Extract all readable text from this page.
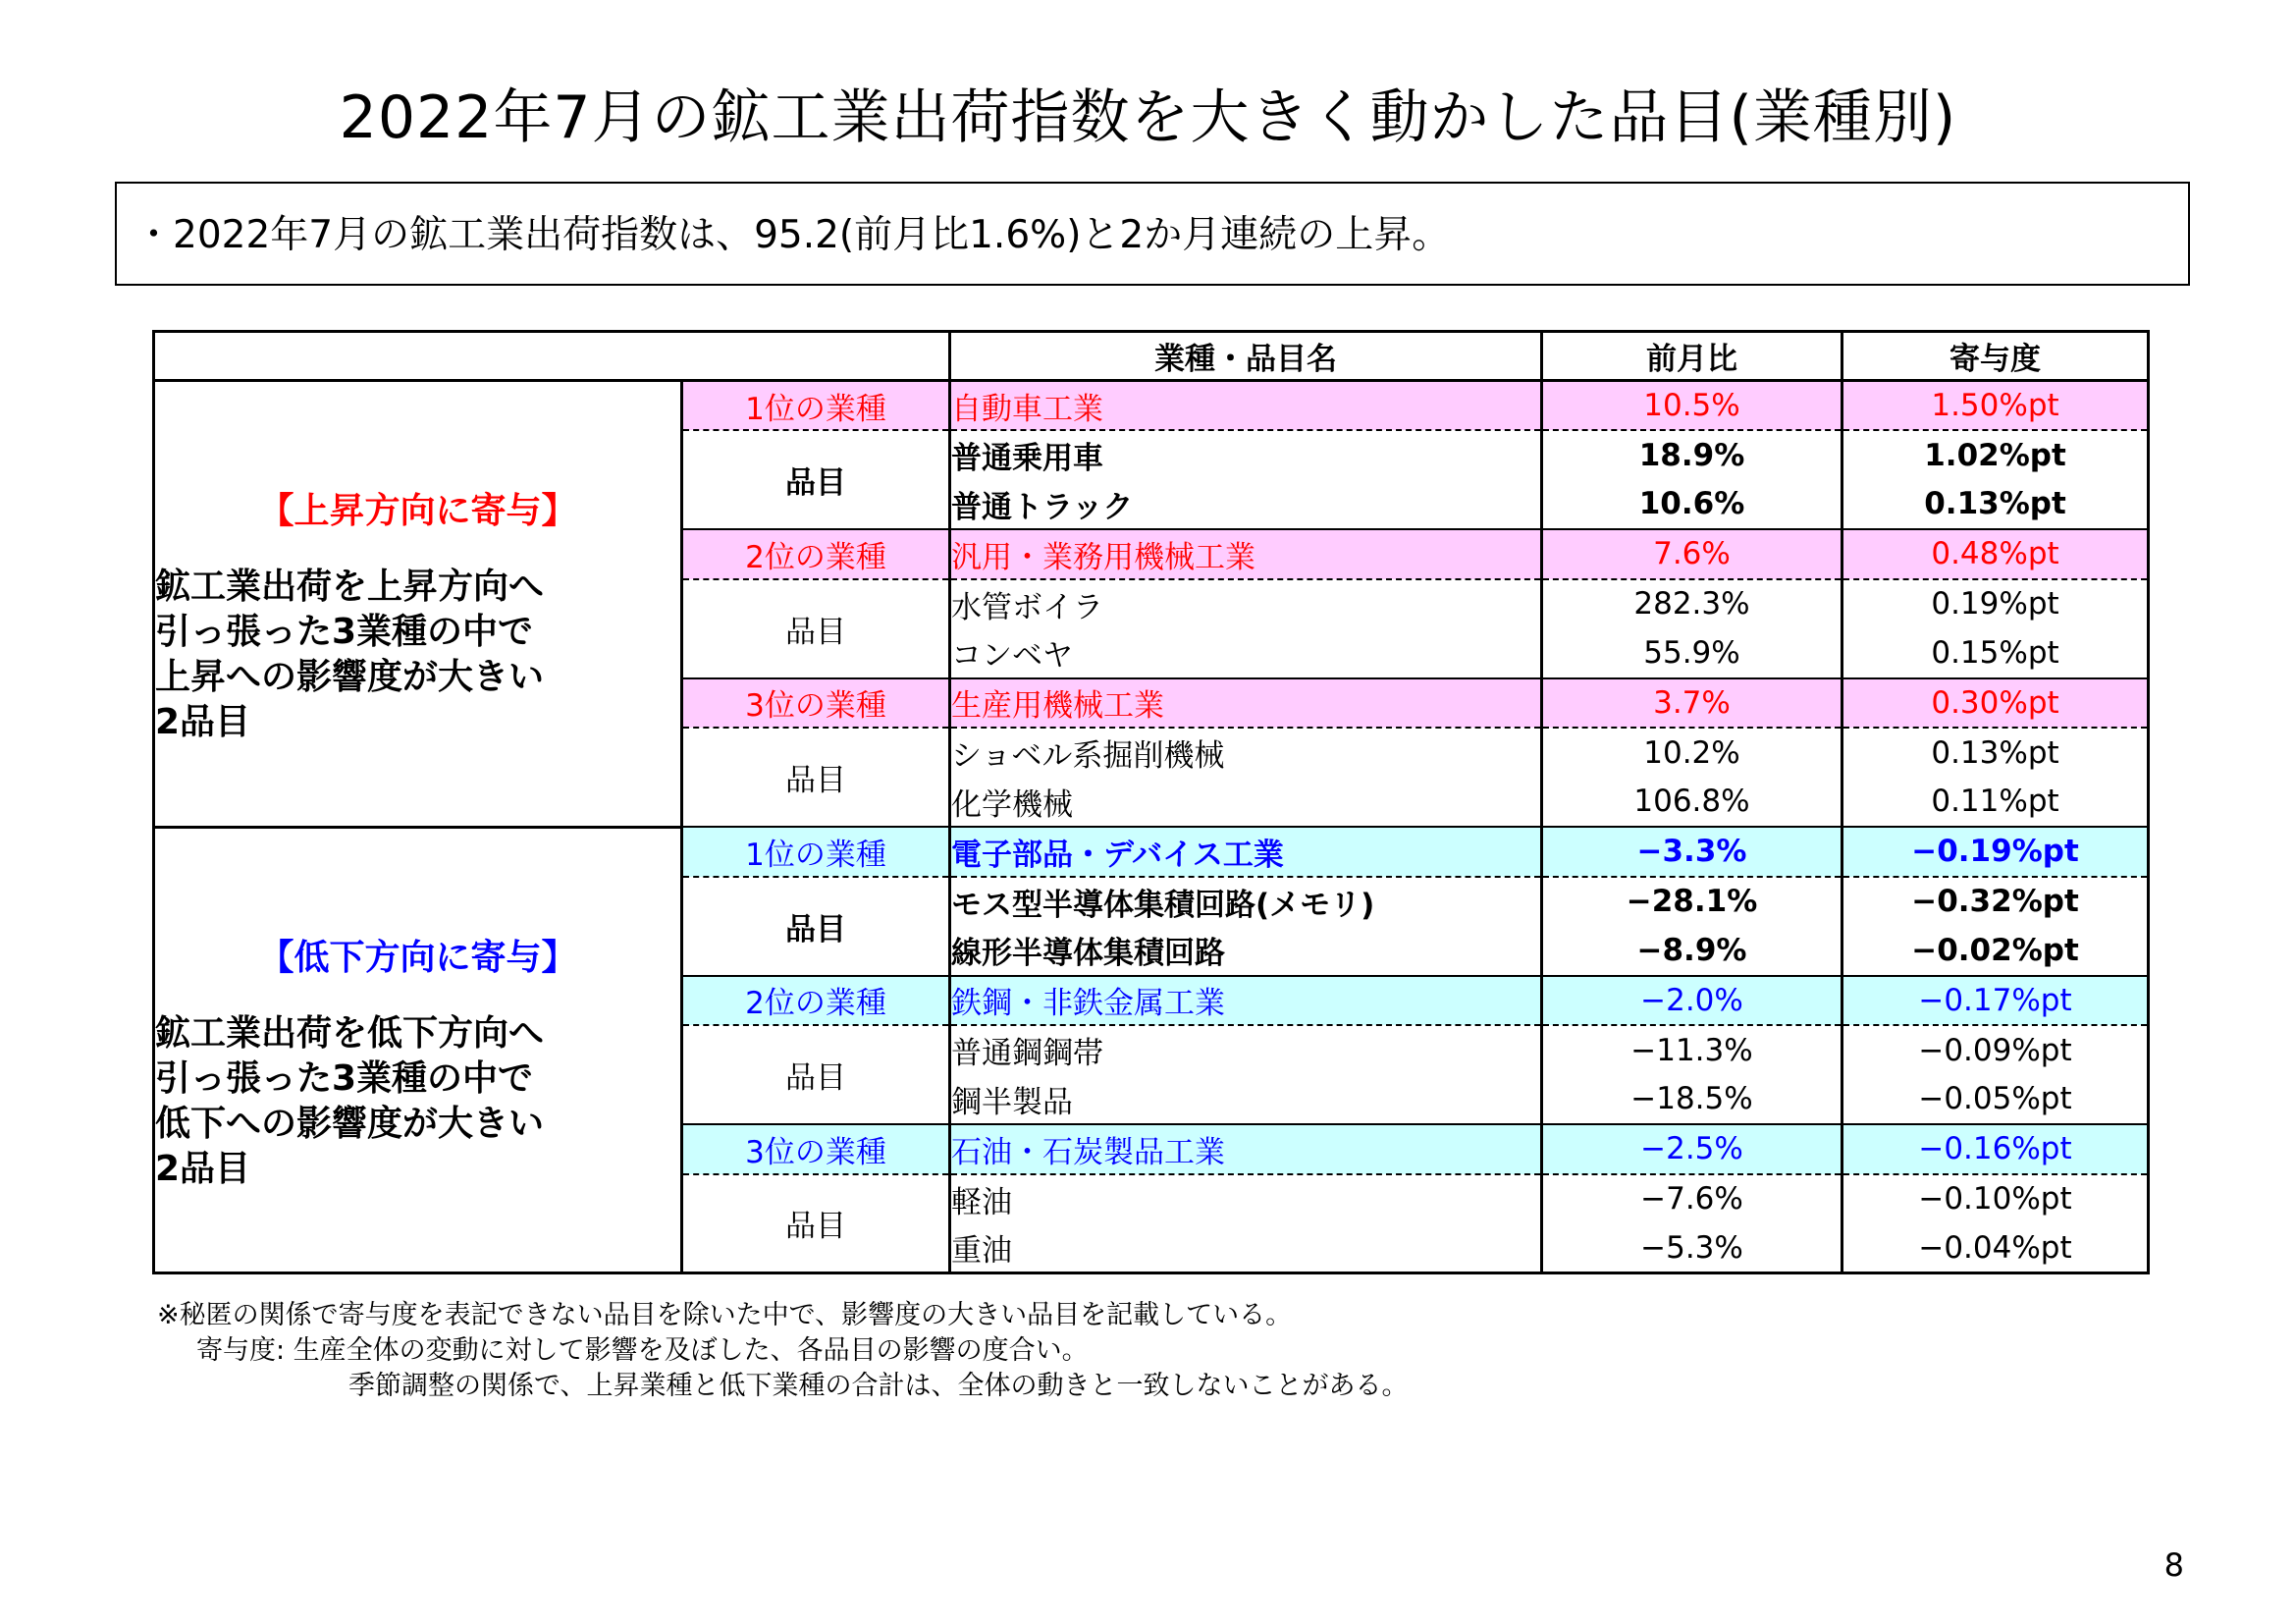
2022年7月の鉱工業出荷指数を大きく動かした品目(業種別)
・2022年7月の鉱工業出荷指数は、95.2(前月比1.6%)と2か月連続の上昇。
		業種・品目名	前月比	寄与度

【上昇方向に寄与】
鉱工業出荷を上昇方向へ
引っ張った3業種の中で
上昇への影響度が大きい
2品目	1位の業種	自動車工業	10.5%	1.50%pt
	品目	普通乗用車	18.9%	1.02%pt
		普通トラック	10.6%	0.13%pt
	2位の業種	汎用・業務用機械工業	7.6%	0.48%pt
	品目	水管ボイラ	282.3%	0.19%pt
		コンベヤ	55.9%	0.15%pt
	3位の業種	生産用機械工業	3.7%	0.30%pt
	品目	ショベル系掘削機械	10.2%	0.13%pt
		化学機械	106.8%	0.11%pt

【低下方向に寄与】
鉱工業出荷を低下方向へ
引っ張った3業種の中で
低下への影響度が大きい
2品目	1位の業種	電子部品・デバイス工業	−3.3%	−0.19%pt
	品目	モス型半導体集積回路(メモリ)	−28.1%	−0.32%pt
		線形半導体集積回路	−8.9%	−0.02%pt
	2位の業種	鉄鋼・非鉄金属工業	−2.0%	−0.17%pt
	品目	普通鋼鋼帯	−11.3%	−0.09%pt
		鋼半製品	−18.5%	−0.05%pt
	3位の業種	石油・石炭製品工業	−2.5%	−0.16%pt
	品目	軽油	−7.6%	−0.10%pt
		重油	−5.3%	−0.04%pt
※秘匿の関係で寄与度を表記できない品目を除いた中で、影響度の大きい品目を記載している。
寄与度: 生産全体の変動に対して影響を及ぼした、各品目の影響の度合い。
季節調整の関係で、上昇業種と低下業種の合計は、全体の動きと一致しないことがある。
8
